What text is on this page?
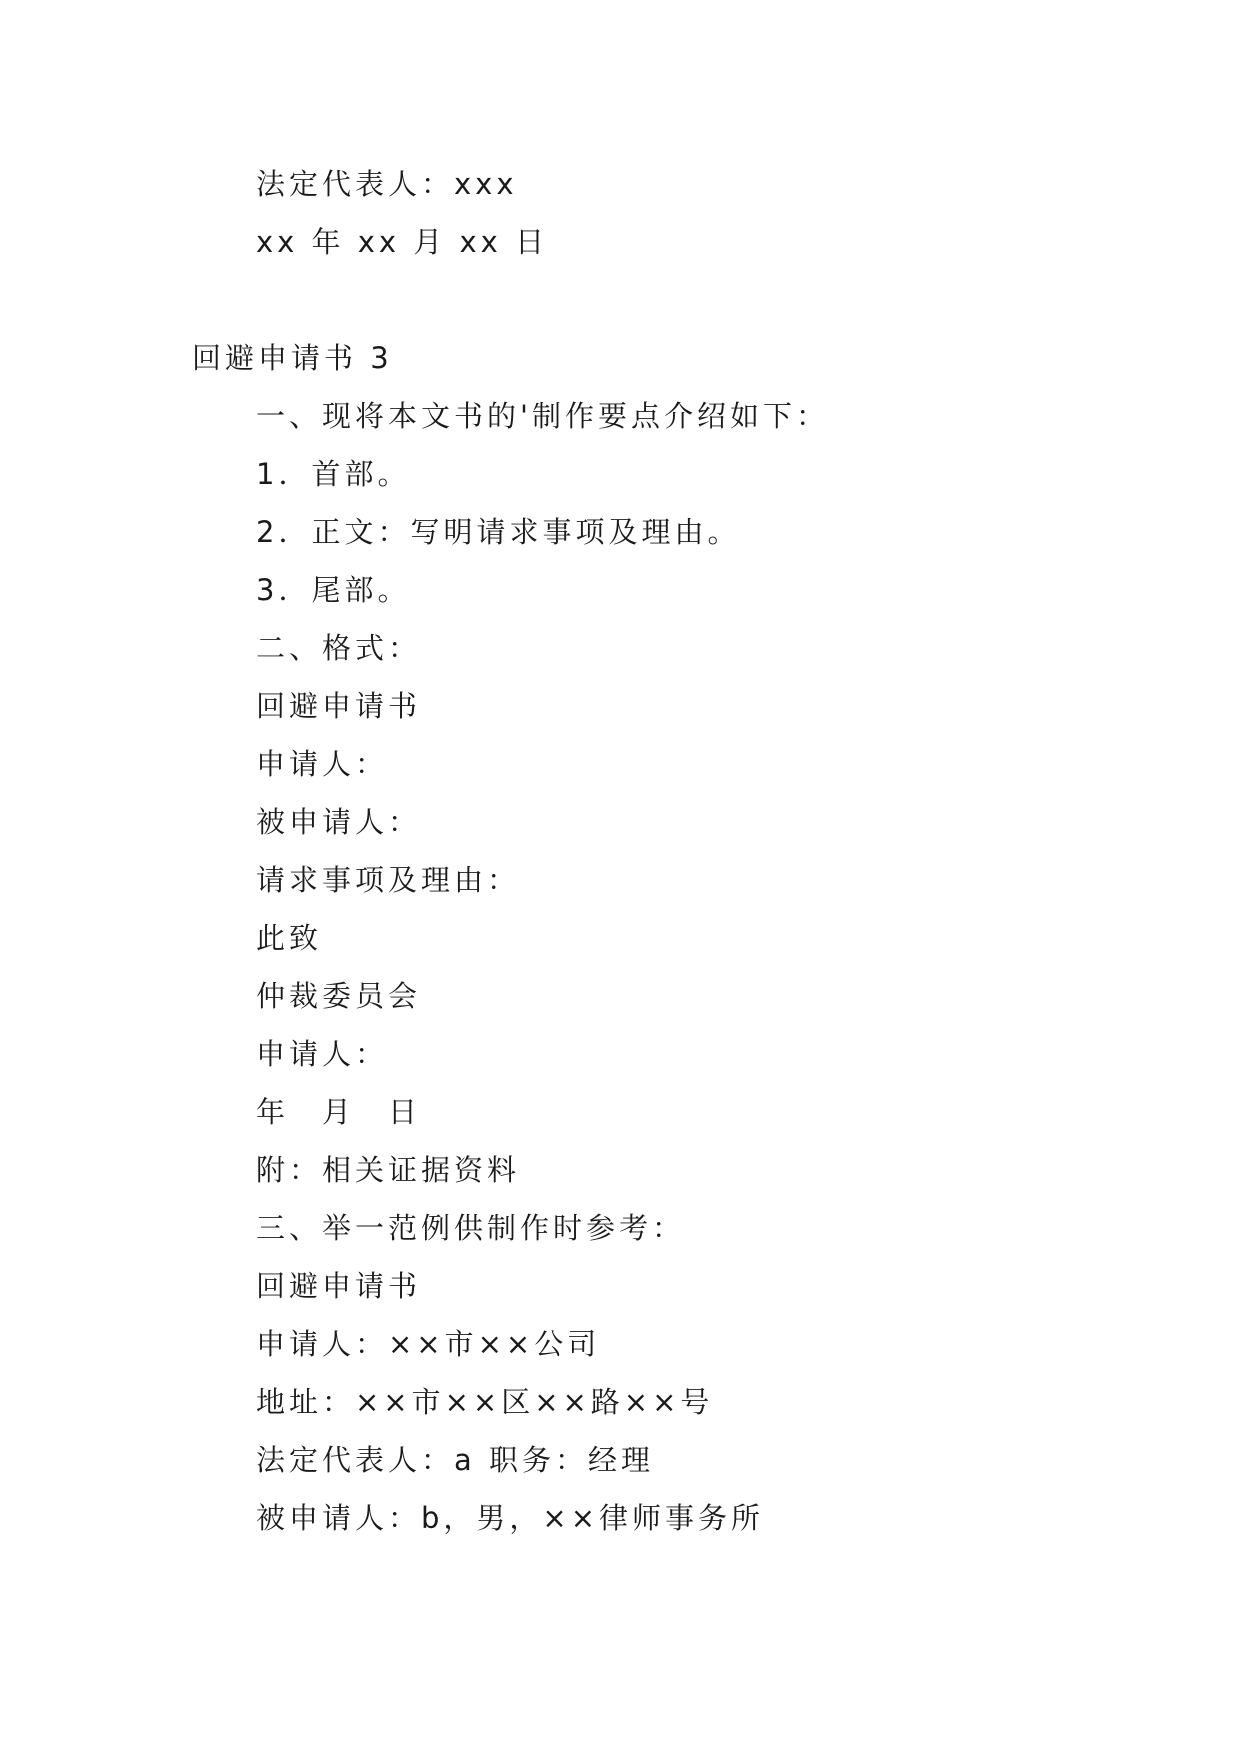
法定代表人：xxx
xx 年 xx 月 xx 日
回避申请书 3
一、现将本文书的'制作要点介绍如下：
1．首部。
2．正文：写明请求事项及理由。
3．尾部。
二、格式：
回避申请书
申请人：
被申请人：
请求事项及理由：
此致
仲裁委员会
申请人：
年　月　日
附：相关证据资料
三、举一范例供制作时参考：
回避申请书
申请人：××市××公司
地址：××市××区××路××号
法定代表人：a 职务：经理
被申请人：b，男，××律师事务所
